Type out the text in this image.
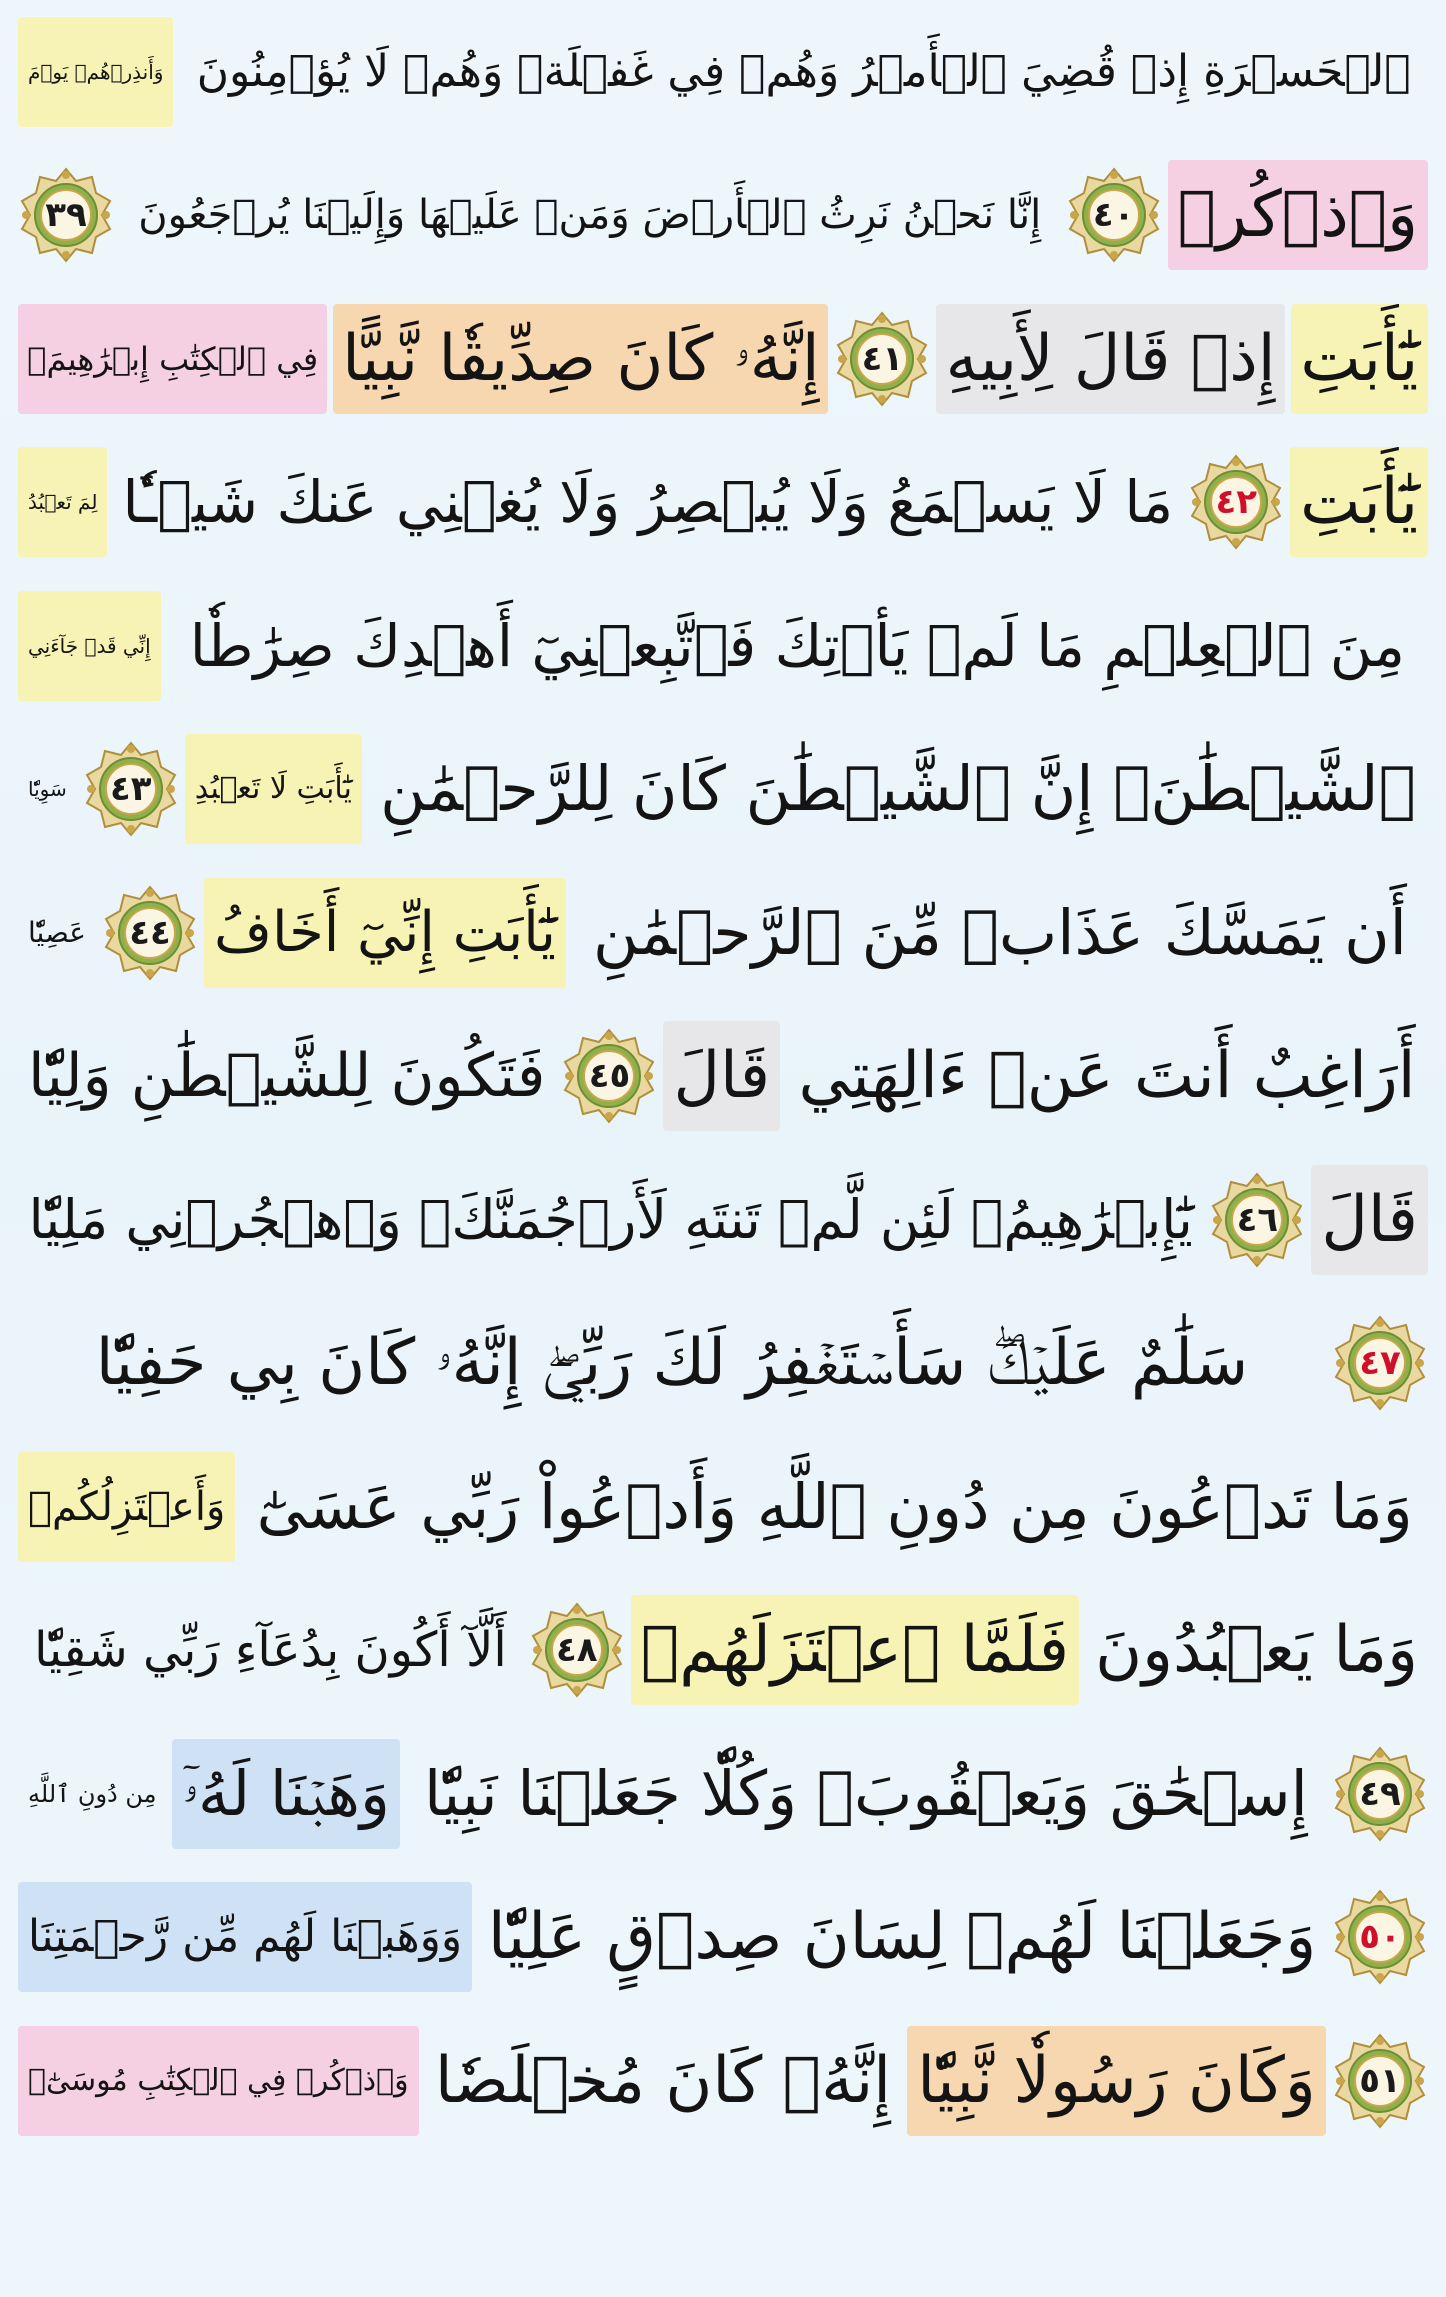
وَأَنذِرۡهُمۡ يَوۡمَ ٱلۡحَسۡرَةِ إِذۡ قُضِيَ ٱلۡأَمۡرُ وَهُمۡ فِي غَفۡلَةٖ وَهُمۡ لَا يُؤۡمِنُونَ
٣٩	إِنَّا نَحۡنُ نَرِثُ ٱلۡأَرۡضَ وَمَنۡ عَلَيۡهَا وَإِلَيۡنَا يُرۡجَعُونَ	٤٠ وَٱذۡكُرۡ
فِي ٱلۡكِتَٰبِ إِبۡرَٰهِيمَۚ إِنَّهُۥ كَانَ صِدِّيقٗا نَّبِيًّا ٤١ إِذۡ قَالَ لِأَبِيهِ يَٰٓأَبَتِ
لِمَ تَعۡبُدُ مَا لَا يَسۡمَعُ وَلَا يُبۡصِرُ وَلَا يُغۡنِي عَنكَ شَيۡـٔٗا ٤٢ يَٰٓأَبَتِ
إِنِّي قَدۡ جَآءَنِي مِنَ ٱلۡعِلۡمِ مَا لَمۡ يَأۡتِكَ فَٱتَّبِعۡنِيٓ أَهۡدِكَ صِرَٰطٗا
سَوِيّٗا ٤٣	يَٰٓأَبَتِ لَا تَعۡبُدِ ٱلشَّيۡطَٰنَۖ إِنَّ ٱلشَّيۡطَٰنَ كَانَ لِلرَّحۡمَٰنِ
عَصِيّٗا ٤٤ يَٰٓأَبَتِ إِنِّيٓ أَخَافُ أَن يَمَسَّكَ عَذَابٞ مِّنَ ٱلرَّحۡمَٰنِ
فَتَكُونَ لِلشَّيۡطَٰنِ وَلِيّٗا ٤٥ قَالَ أَرَاغِبٌ أَنتَ عَنۡ ءَالِهَتِي
يَٰٓإِبۡرَٰهِيمُۖ لَئِن لَّمۡ تَنتَهِ لَأَرۡجُمَنَّكَۖ وَٱهۡجُرۡنِي مَلِيّٗا	٤٦ قَالَ
سَلَٰمٌ عَلَيۡكَۖ سَأَسۡتَغۡفِرُ لَكَ رَبِّيٓۖ إِنَّهُۥ كَانَ بِي حَفِيّٗا	٤٧
وَأَعۡتَزِلُكُمۡ وَمَا تَدۡعُونَ مِن دُونِ ٱللَّهِ وَأَدۡعُواْ رَبِّي عَسَىٰٓ
أَلَّآ أَكُونَ بِدُعَآءِ رَبِّي شَقِيّٗا	٤٨ فَلَمَّا ٱعۡتَزَلَهُمۡ وَمَا يَعۡبُدُونَ
مِن دُونِ ٱللَّهِ وَهَبۡنَا لَهُۥٓ إِسۡحَٰقَ وَيَعۡقُوبَۖ وَكُلّٗا جَعَلۡنَا نَبِيّٗا	٤٩
وَوَهَبۡنَا لَهُم مِّن رَّحۡمَتِنَا وَجَعَلۡنَا لَهُمۡ لِسَانَ صِدۡقٍ عَلِيّٗا ٥٠
وَٱذۡكُرۡ فِي ٱلۡكِتَٰبِ مُوسَىٰٓۚ إِنَّهُۥ كَانَ مُخۡلَصٗا وَكَانَ رَسُولٗا نَّبِيّٗا ٥١
